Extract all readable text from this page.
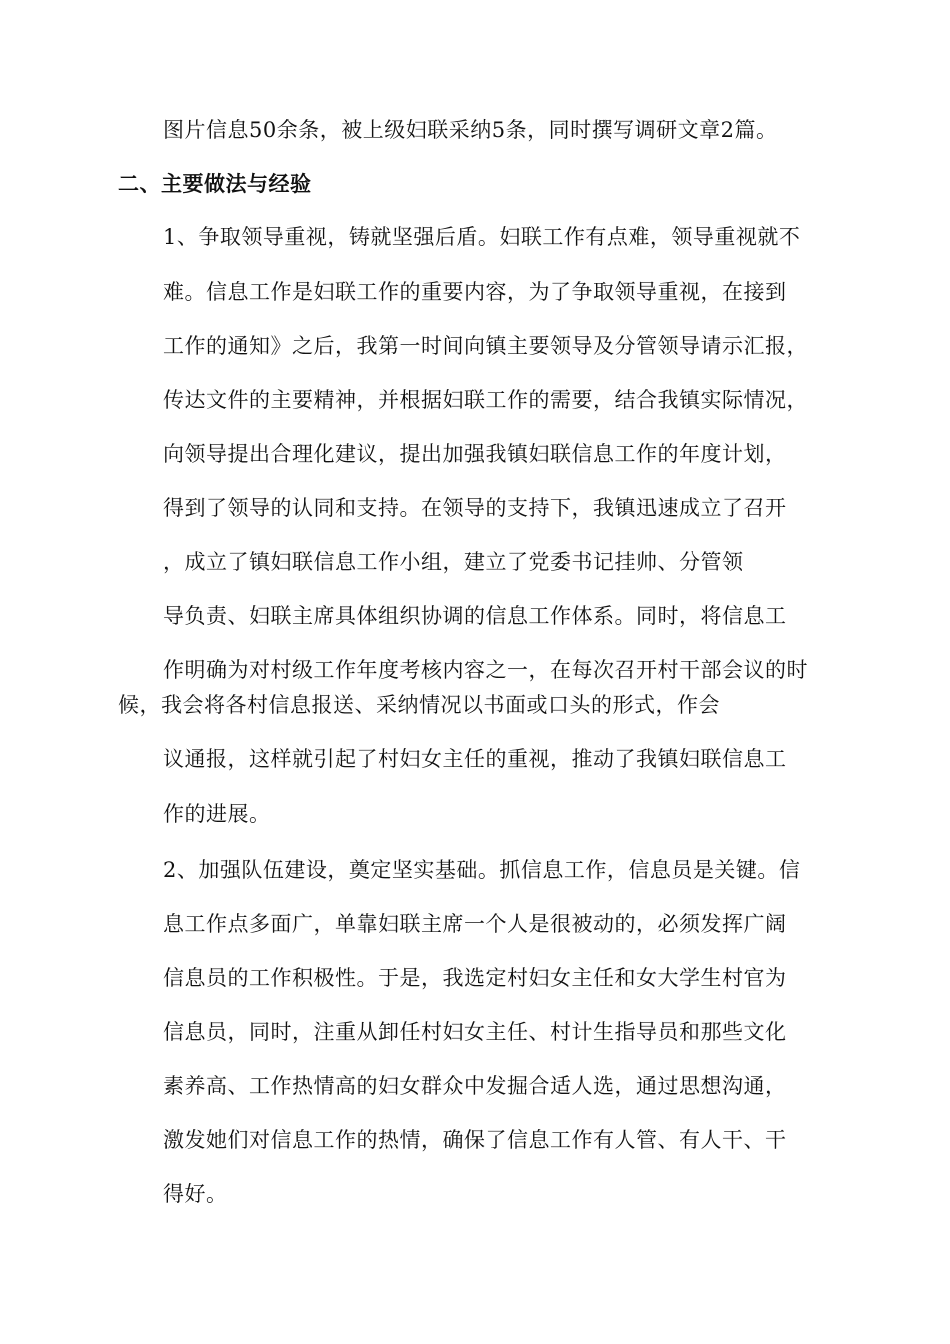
图片信息50余条，被上级妇联采纳5条，同时撰写调研文章2篇。
二、主要做法与经验
1、争取领导重视，铸就坚强后盾。妇联工作有点难，领导重视就不
难。信息工作是妇联工作的重要内容，为了争取领导重视，在接到
工作的通知》之后，我第一时间向镇主要领导及分管领导请示汇报，
传达文件的主要精神，并根据妇联工作的需要，结合我镇实际情况，
向领导提出合理化建议，提出加强我镇妇联信息工作的年度计划，
得到了领导的认同和支持。在领导的支持下，我镇迅速成立了召开
，成立了镇妇联信息工作小组，建立了党委书记挂帅、分管领
导负责、妇联主席具体组织协调的信息工作体系。同时，将信息工
作明确为对村级工作年度考核内容之一，在每次召开村干部会议的时
候，我会将各村信息报送、采纳情况以书面或口头的形式，作会
议通报，这样就引起了村妇女主任的重视，推动了我镇妇联信息工
作的进展。
2、加强队伍建设，奠定坚实基础。抓信息工作，信息员是关键。信
息工作点多面广，单靠妇联主席一个人是很被动的，必须发挥广阔
信息员的工作积极性。于是，我选定村妇女主任和女大学生村官为
信息员，同时，注重从卸任村妇女主任、村计生指导员和那些文化
素养高、工作热情高的妇女群众中发掘合适人选，通过思想沟通，
激发她们对信息工作的热情，确保了信息工作有人管、有人干、干
得好。
